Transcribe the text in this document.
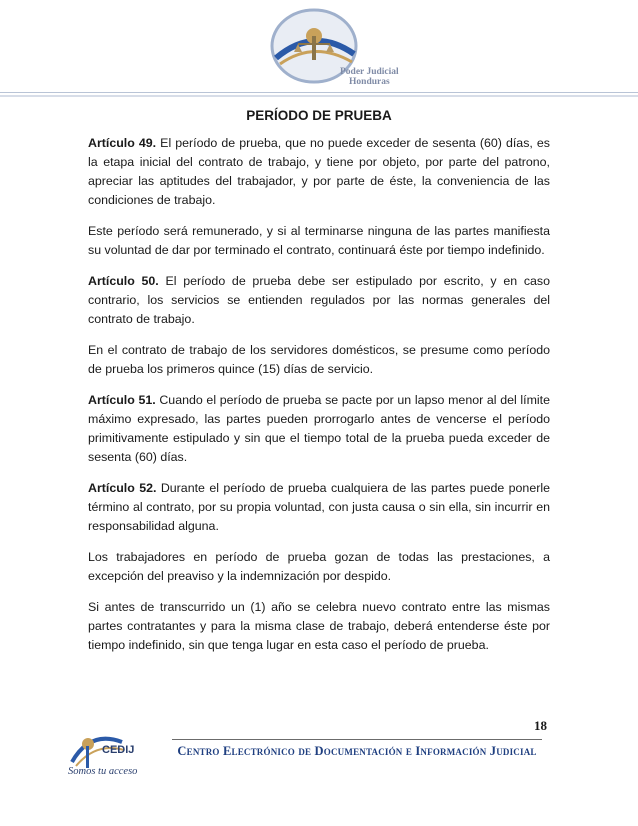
Poder Judicial
Honduras
PERÍODO DE PRUEBA

Artículo 49. El período de prueba, que no puede exceder de sesenta (60) días, es la etapa inicial del contrato de trabajo, y tiene por objeto, por parte del patrono, apreciar las aptitudes del trabajador, y por parte de éste, la conveniencia de las condiciones de trabajo.

Este período será remunerado, y si al terminarse ninguna de las partes manifiesta su voluntad de dar por terminado el contrato, continuará éste por tiempo indefinido.

Artículo 50. El período de prueba debe ser estipulado por escrito, y en caso contrario, los servicios se entienden regulados por las normas generales del contrato de trabajo.

En el contrato de trabajo de los servidores domésticos, se presume como período de prueba los primeros quince (15) días de servicio.

Artículo 51. Cuando el período de prueba se pacte por un lapso menor al del límite máximo expresado, las partes pueden prorrogarlo antes de vencerse el período primitivamente estipulado y sin que el tiempo total de la prueba pueda exceder de sesenta (60) días.

Artículo 52. Durante el período de prueba cualquiera de las partes puede ponerle término al contrato, por su propia voluntad, con justa causa o sin ella, sin incurrir en responsabilidad alguna.

Los trabajadores en período de prueba gozan de todas las prestaciones, a excepción del preaviso y la indemnización por despido.

Si antes de transcurrido un (1) año se celebra nuevo contrato entre las mismas partes contratantes y para la misma clase de trabajo, deberá entenderse éste por tiempo indefinido, sin que tenga lugar en esta caso el período de prueba.

18
CEDIJ
Somos tu acceso
Centro Electrónico de Documentación e Información Judicial
